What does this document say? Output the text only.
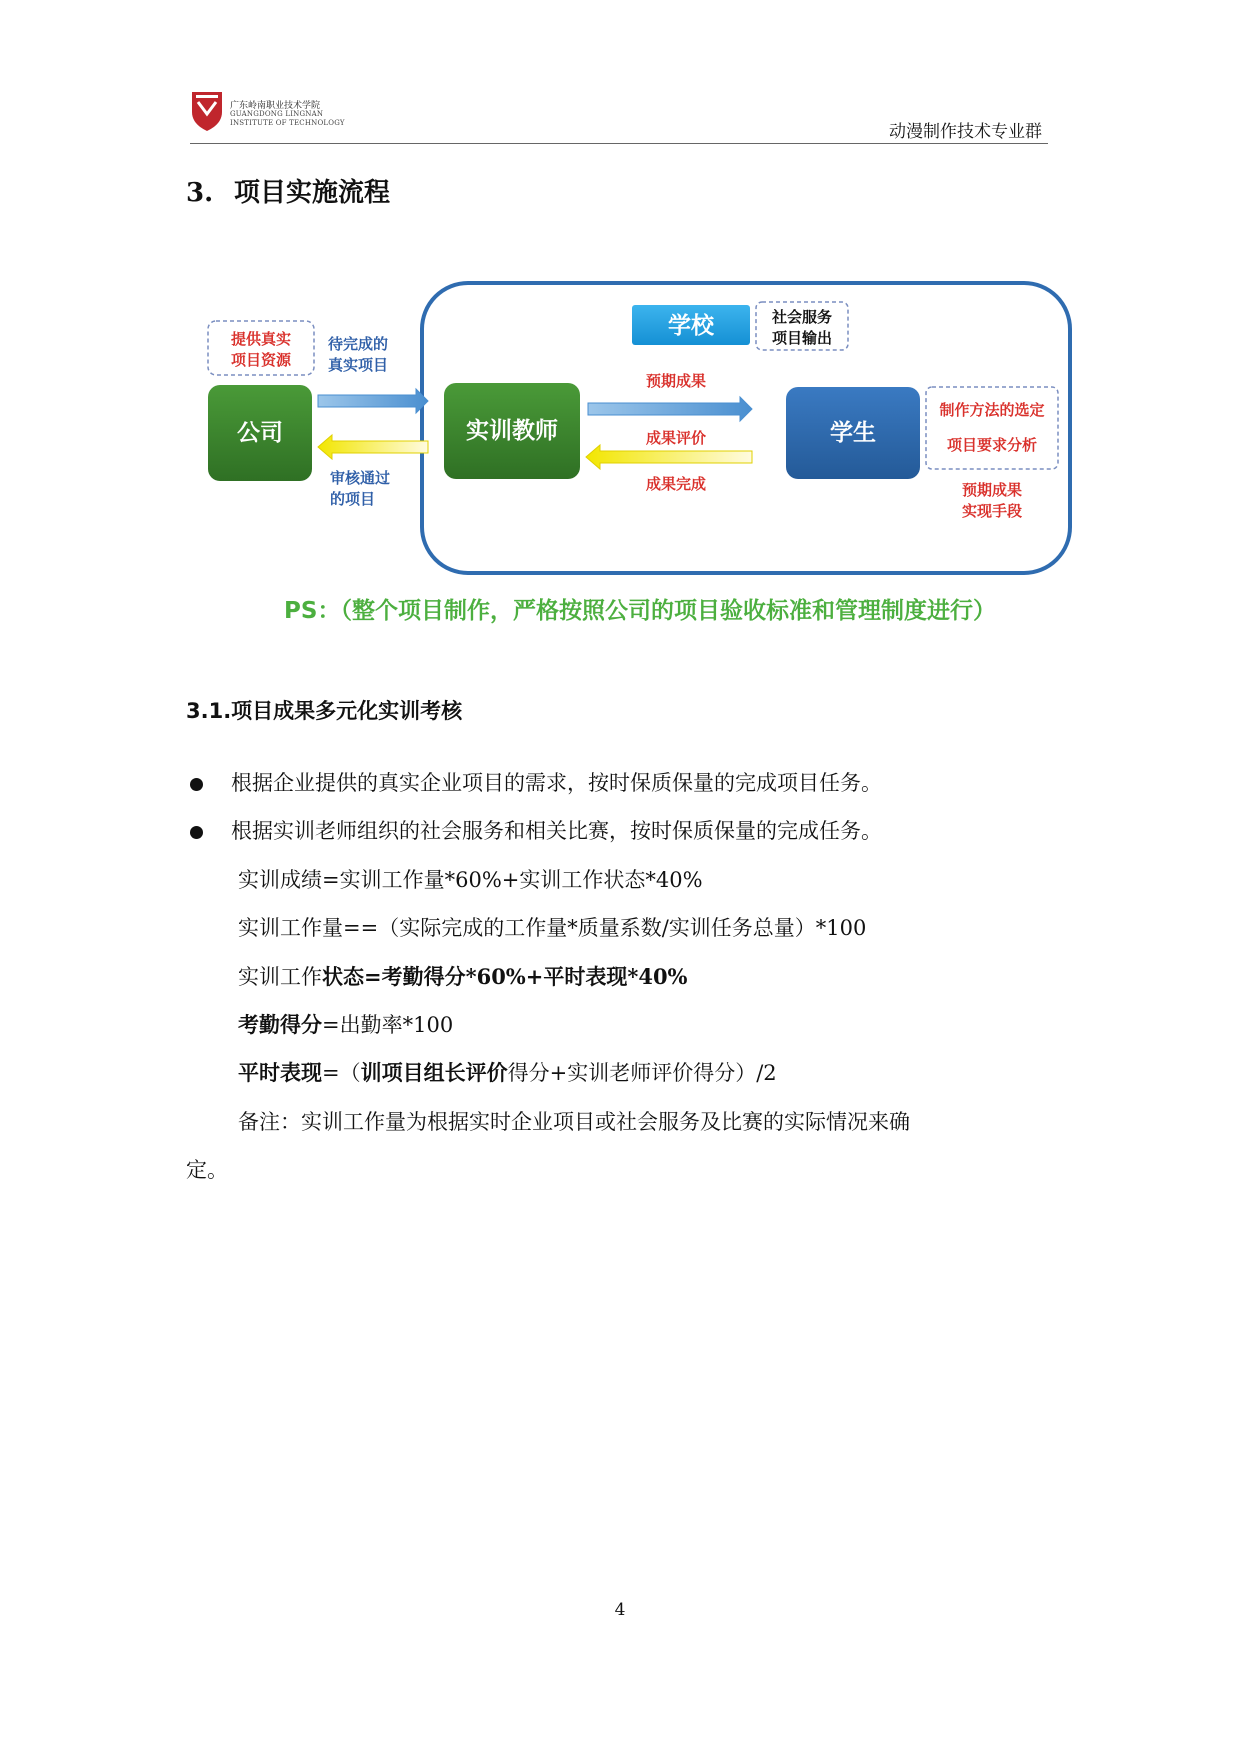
广东岭南职业技术学院
GUANGDONG LINGNAN
INSTITUTE OF TECHNOLOGY	动漫制作技术专业群
3. 项目实施流程
提供真实
项目资源
公司
待完成的
真实项目
审核通过
的项目
学校	社会服务
项目输出
实训教师
预期成果
成果评价
成果完成
学生
制作方法的选定
项目要求分析
预期成果
实现手段
PS：（整个项目制作，严格按照公司的项目验收标准和管理制度进行）
3.1.项目成果多元化实训考核
根据企业提供的真实企业项目的需求，按时保质保量的完成项目任务。
根据实训老师组织的社会服务和相关比赛，按时保质保量的完成任务。
实训成绩=实训工作量*60%+实训工作状态*40%
实训工作量==（实际完成的工作量*质量系数/实训任务总量）*100
实训工作状态=考勤得分*60%+平时表现*40%
考勤得分=出勤率*100
平时表现=（训项目组长评价得分+实训老师评价得分）/2
备注：实训工作量为根据实时企业项目或社会服务及比赛的实际情况来确
定。
4
